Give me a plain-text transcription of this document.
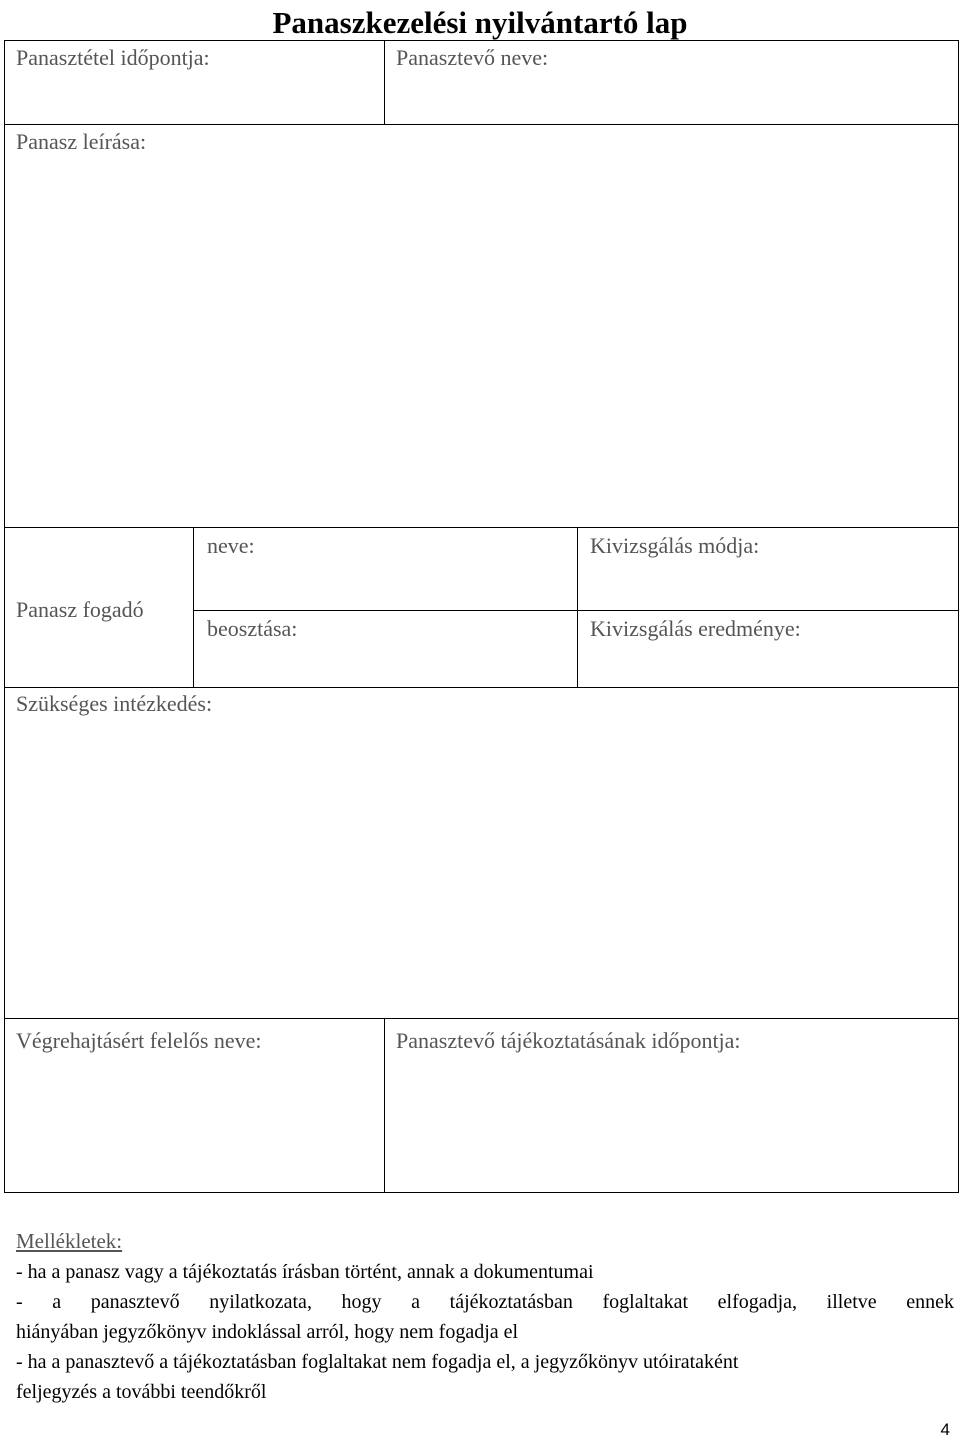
Panaszkezelési nyilvántartó lap
Panasztétel időpontja:	Panasztevő neve:
Panasz leírása:
Panasz fogadó
neve:
beosztása:
Kivizsgálás módja:
Kivizsgálás eredménye:
Szükséges intézkedés:
Végrehajtásért felelős neve:	Panasztevő tájékoztatásának időpontja:
Mellékletek:
- ha a panasz vagy a tájékoztatás írásban történt, annak a dokumentumai
- a panasztevő nyilatkozata, hogy a tájékoztatásban foglaltakat elfogadja, illetve ennek
hiányában jegyzőkönyv indoklással arról, hogy nem fogadja el
- ha a panasztevő a tájékoztatásban foglaltakat nem fogadja el, a jegyzőkönyv utóirataként
feljegyzés a további teendőkről
4
